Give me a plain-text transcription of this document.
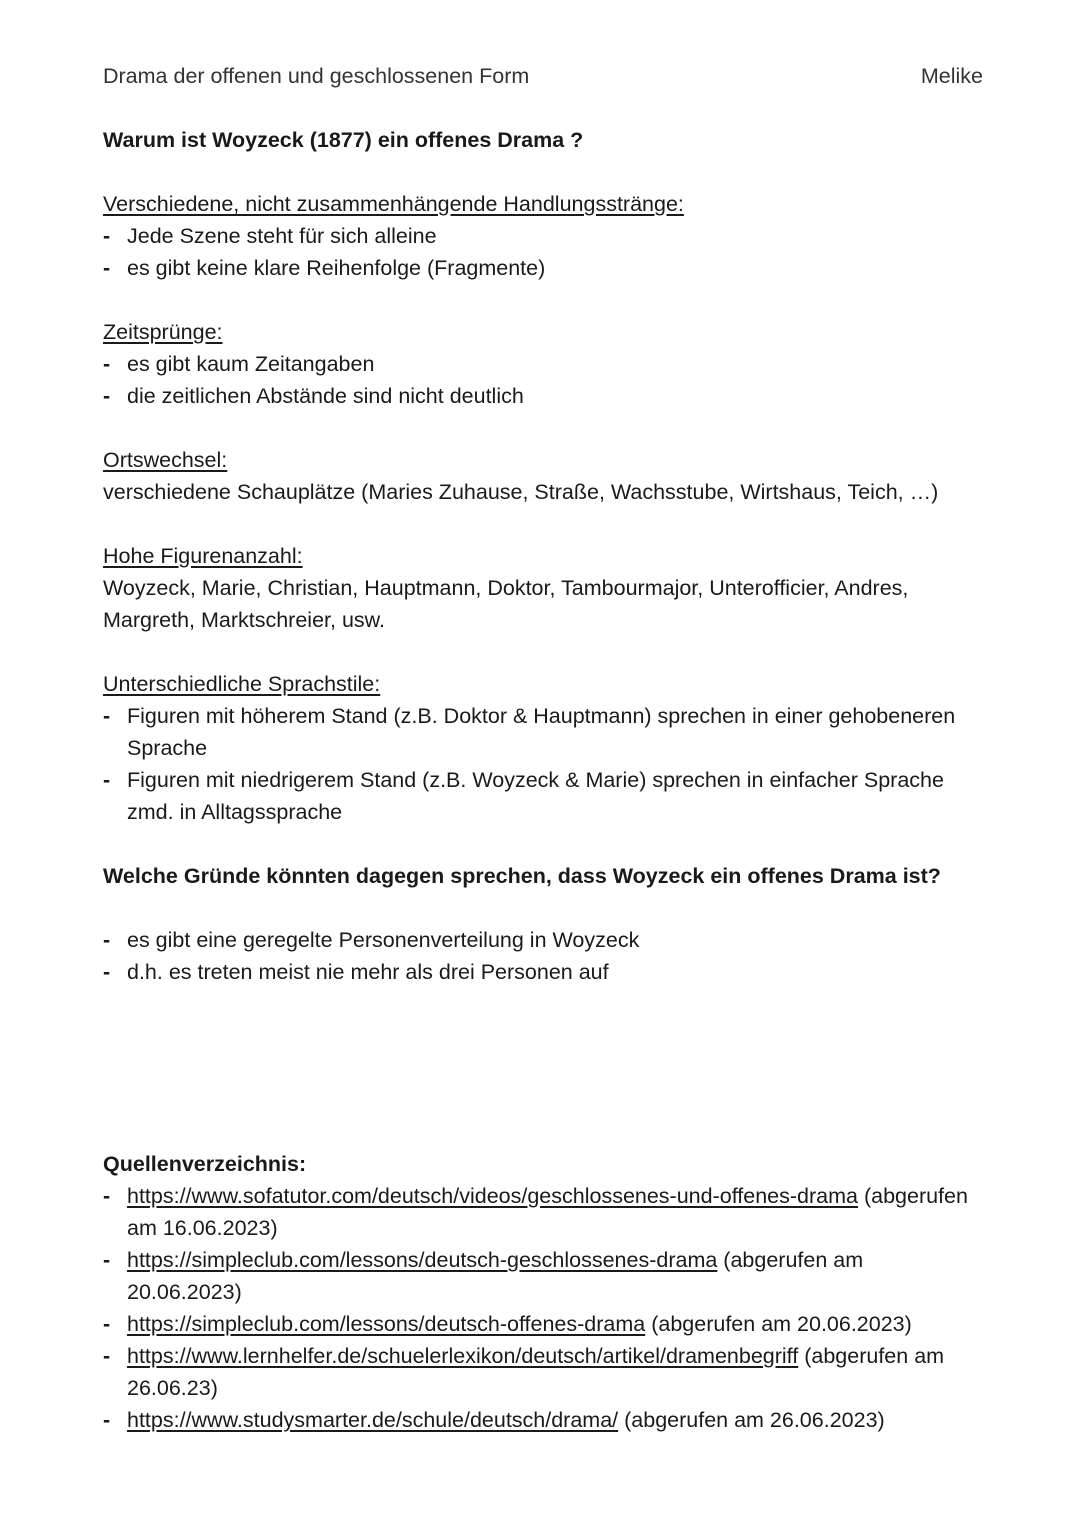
Drama der offenen und geschlossenen Form	Melike
Warum ist Woyzeck (1877) ein offenes Drama ?
Verschiedene, nicht zusammenhängende Handlungsstränge:
- Jede Szene steht für sich alleine
- es gibt keine klare Reihenfolge (Fragmente)
Zeitsprünge:
- es gibt kaum Zeitangaben
- die zeitlichen Abstände sind nicht deutlich
Ortswechsel:

verschiedene Schauplätze (Maries Zuhause, Straße, Wachsstube, Wirtshaus, Teich, …)

Hohe Figurenanzahl:

Woyzeck, Marie, Christian, Hauptmann, Doktor, Tambourmajor, Unterofficier, Andres, Margreth, Marktschreier, usw.

Unterschiedliche Sprachstile:
- Figuren mit höherem Stand (z.B. Doktor & Hauptmann) sprechen in einer gehobeneren Sprache
- Figuren mit niedrigerem Stand (z.B. Woyzeck & Marie) sprechen in einfacher Sprache zmd. in Alltagssprache
Welche Gründe könnten dagegen sprechen, dass Woyzeck ein offenes Drama ist?
- es gibt eine geregelte Personenverteilung in Woyzeck
- d.h. es treten meist nie mehr als drei Personen auf
Quellenverzeichnis:
- https://www.sofatutor.com/deutsch/videos/geschlossenes-und-offenes-drama (abgerufen am 16.06.2023)
- https://simpleclub.com/lessons/deutsch-geschlossenes-drama (abgerufen am 20.06.2023)
- https://simpleclub.com/lessons/deutsch-offenes-drama (abgerufen am 20.06.2023)
- https://www.lernhelfer.de/schuelerlexikon/deutsch/artikel/dramenbegriff (abgerufen am 26.06.23)
- https://www.studysmarter.de/schule/deutsch/drama/ (abgerufen am 26.06.2023)
